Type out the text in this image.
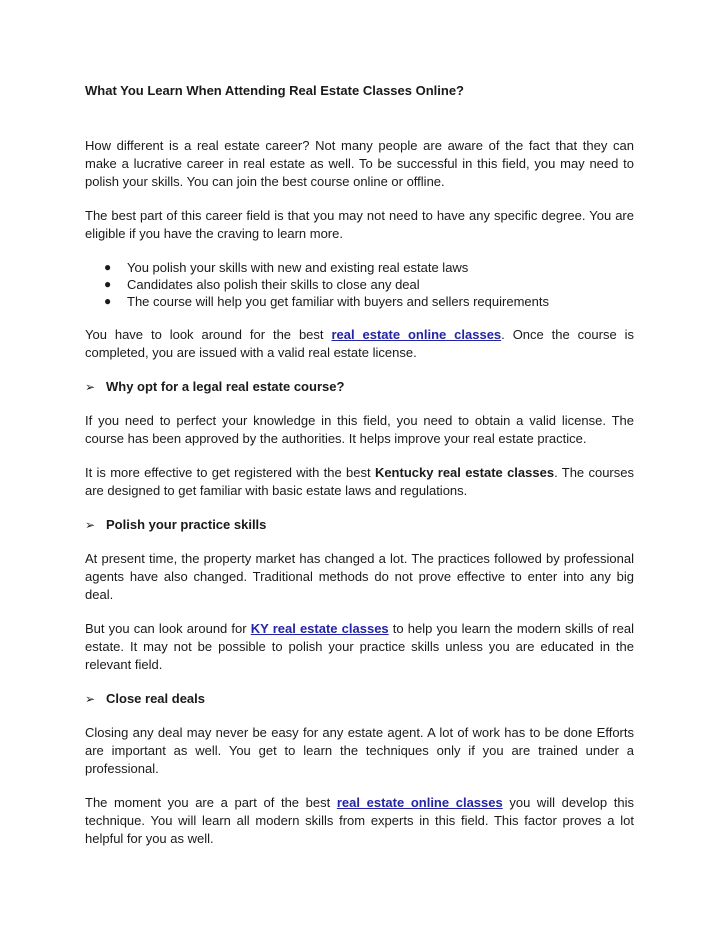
What You Learn When Attending Real Estate Classes Online?

How different is a real estate career? Not many people are aware of the fact that they can make a lucrative career in real estate as well. To be successful in this field, you may need to polish your skills. You can join the best course online or offline.

The best part of this career field is that you may not need to have any specific degree. You are eligible if you have the craving to learn more.

● You polish your skills with new and existing real estate laws
● Candidates also polish their skills to close any deal
● The course will help you get familiar with buyers and sellers requirements

You have to look around for the best real estate online classes. Once the course is completed, you are issued with a valid real estate license.

➢ Why opt for a legal real estate course?

If you need to perfect your knowledge in this field, you need to obtain a valid license. The course has been approved by the authorities. It helps improve your real estate practice.

It is more effective to get registered with the best Kentucky real estate classes. The courses are designed to get familiar with basic estate laws and regulations.

➢ Polish your practice skills

At present time, the property market has changed a lot. The practices followed by professional agents have also changed. Traditional methods do not prove effective to enter into any big deal.

But you can look around for KY real estate classes to help you learn the modern skills of real estate. It may not be possible to polish your practice skills unless you are educated in the relevant field.

➢ Close real deals

Closing any deal may never be easy for any estate agent. A lot of work has to be done Efforts are important as well. You get to learn the techniques only if you are trained under a professional.

The moment you are a part of the best real estate online classes you will develop this technique. You will learn all modern skills from experts in this field. This factor proves a lot helpful for you as well.
